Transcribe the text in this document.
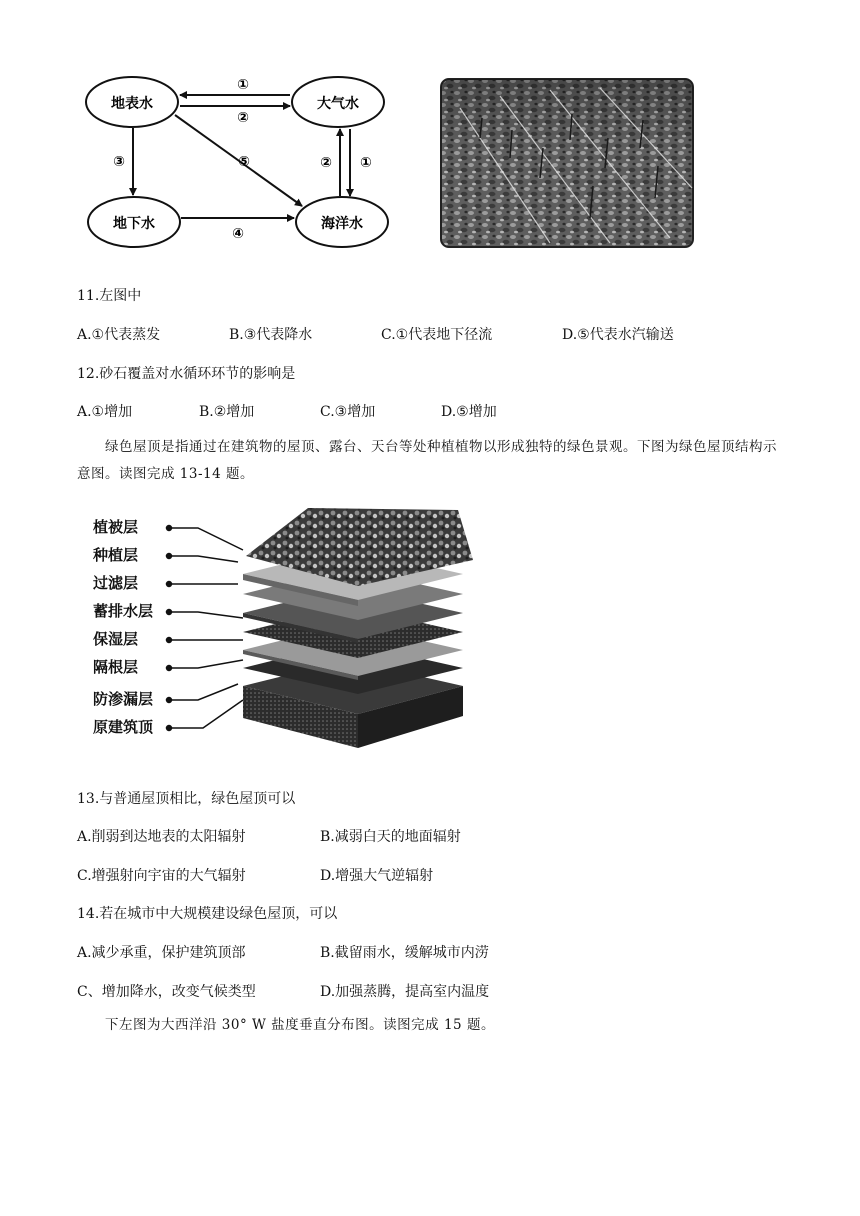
地表水	大气水
地下水	海洋水
①
②
③	⑤
④
② ①
11.左图中
A.①代表蒸发	B.③代表降水	C.①代表地下径流	D.⑤代表水汽输送
12.砂石覆盖对水循环环节的影响是
A.①增加	B.②增加	C.③增加	D.⑤增加
绿色屋顶是指通过在建筑物的屋顶、露台、天台等处种植植物以形成独特的绿色景观。下图为绿色屋顶结构示意图。读图完成 13-14 题。
植被层
种植层
过滤层
蓄排水层
保湿层
隔根层
防渗漏层
原建筑顶
13.与普通屋顶相比，绿色屋顶可以
A.削弱到达地表的太阳辐射	B.减弱白天的地面辐射
C.增强射向宇宙的大气辐射	D.增强大气逆辐射
14.若在城市中大规模建设绿色屋顶，可以
A.减少承重，保护建筑顶部	B.截留雨水，缓解城市内涝
C、增加降水，改变气候类型	D.加强蒸腾，提高室内温度
下左图为大西洋沿 30° W 盐度垂直分布图。读图完成 15 题。
